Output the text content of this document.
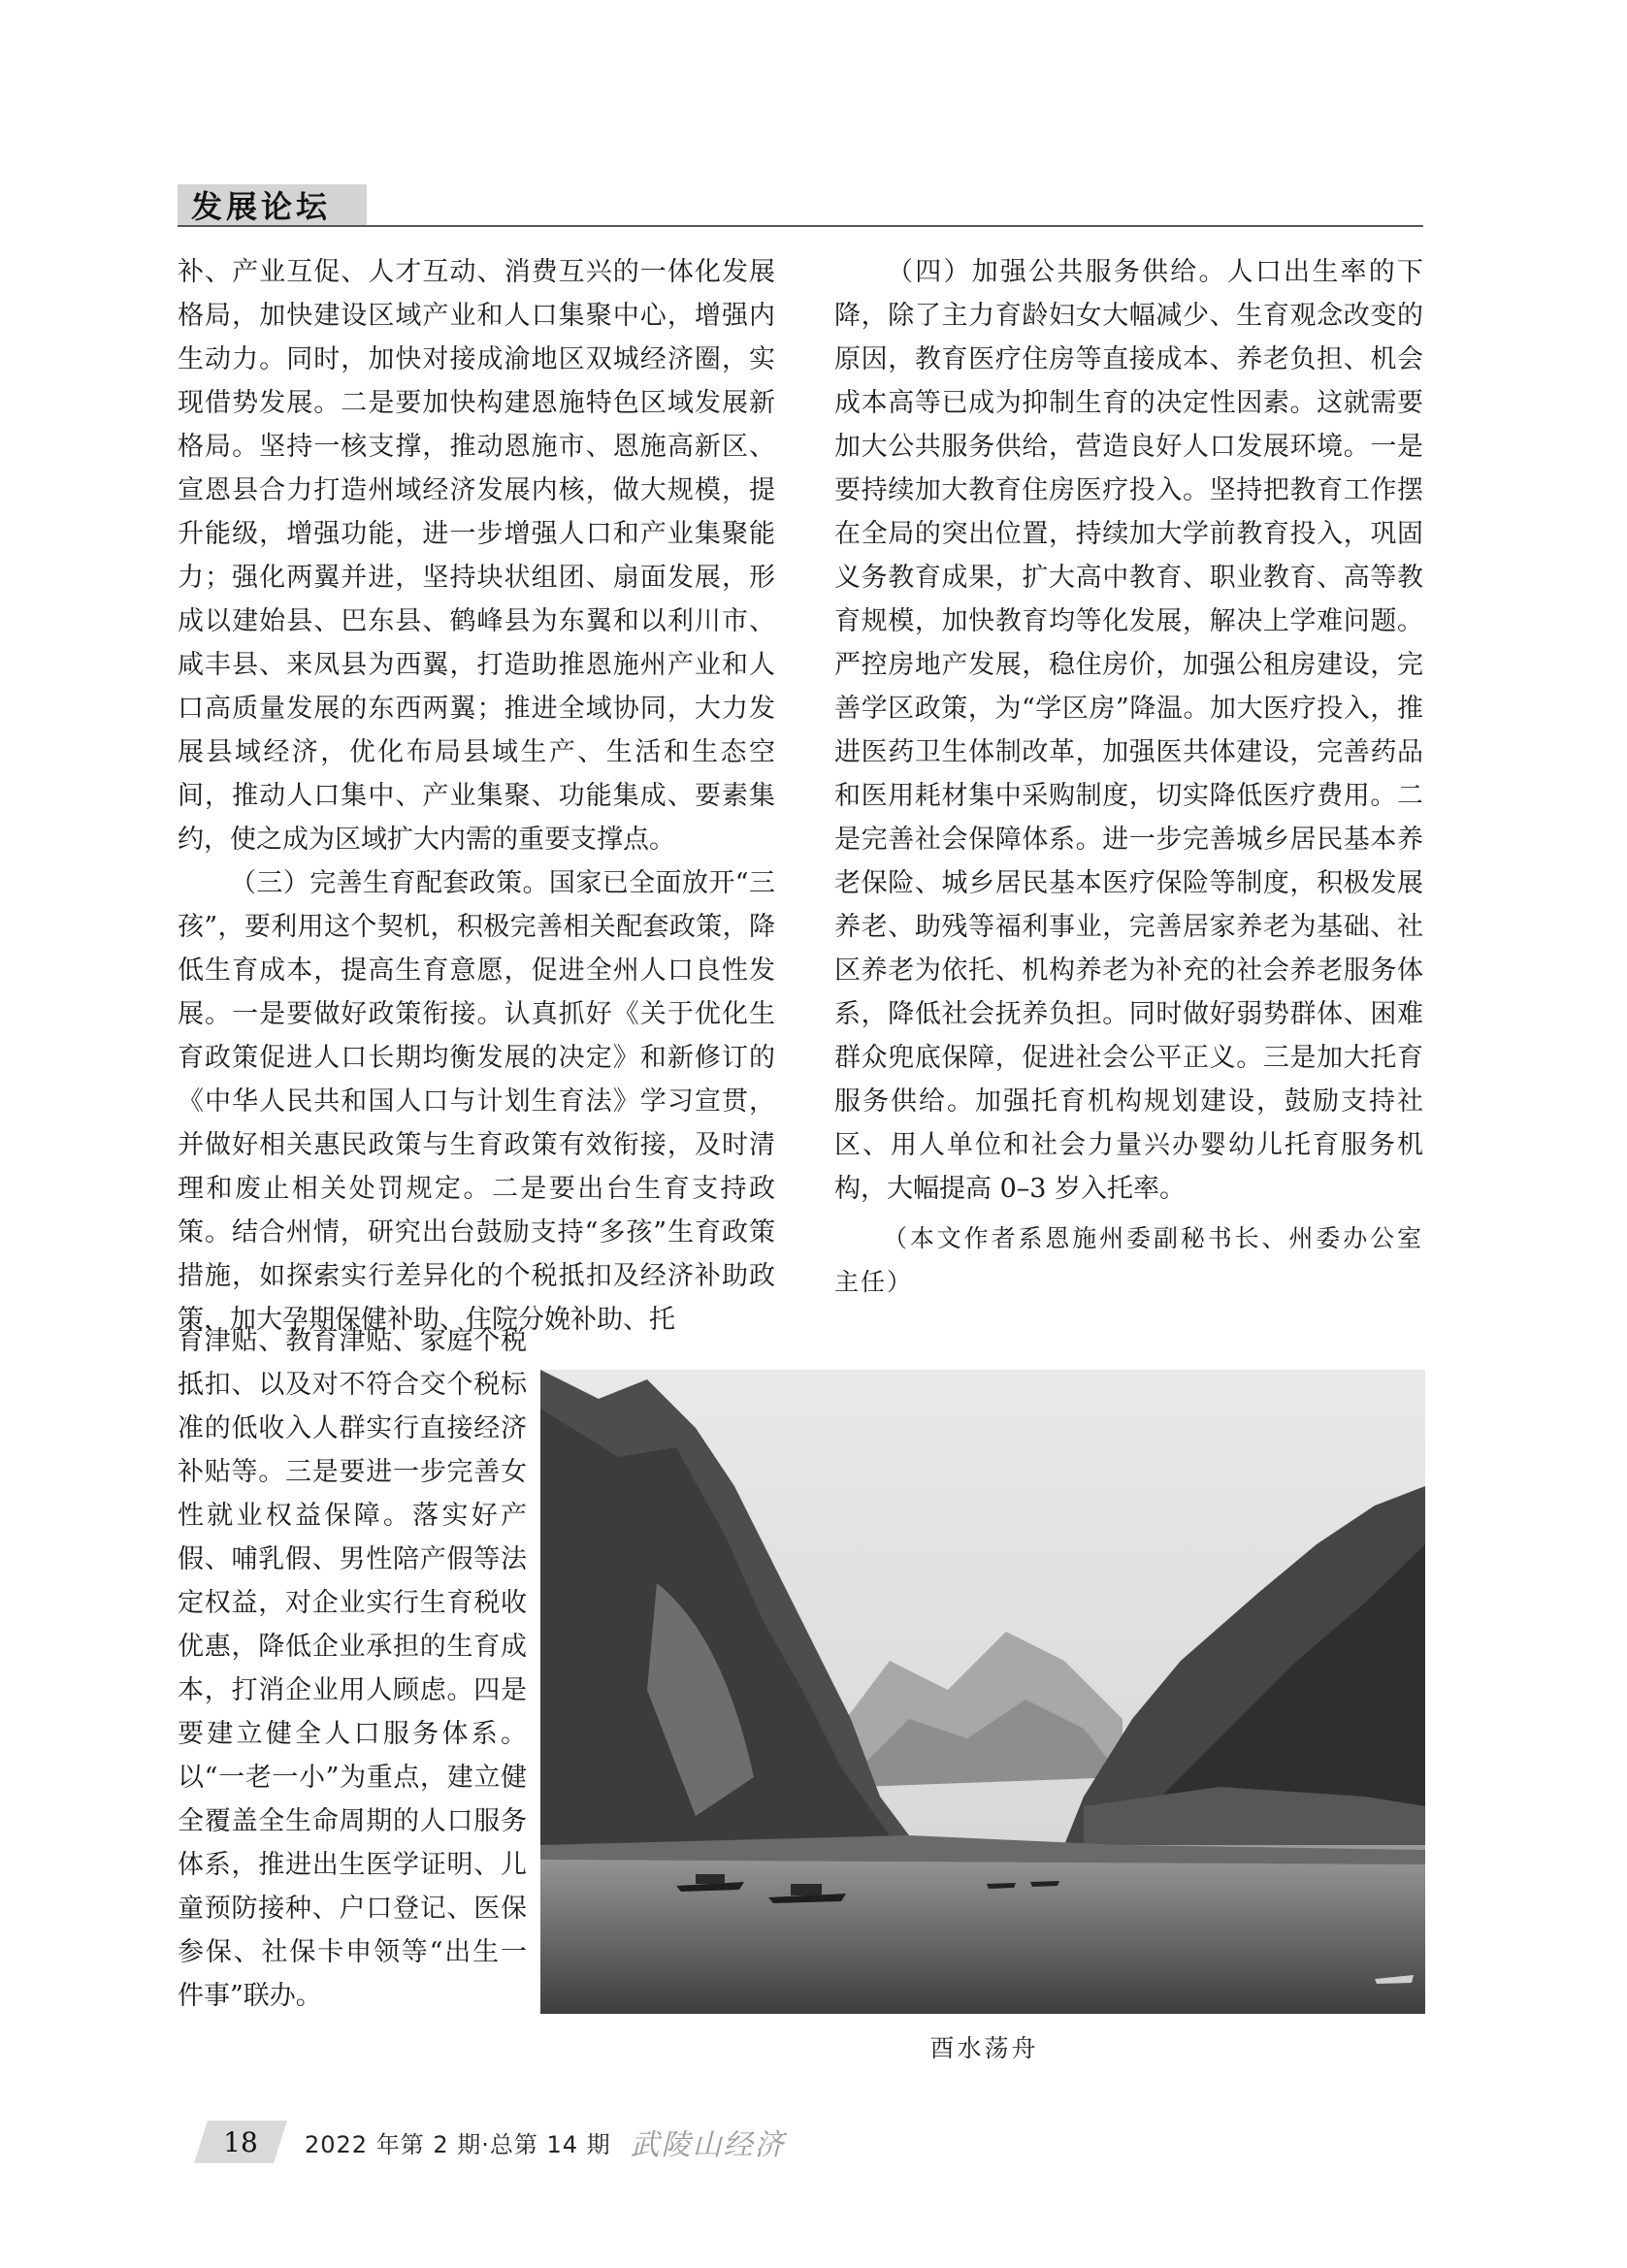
发展论坛

补、产业互促、人才互动、消费互兴的一体化发展格局，加快建设区域产业和人口集聚中心，增强内生动力。同时，加快对接成渝地区双城经济圈，实现借势发展。二是要加快构建恩施特色区域发展新格局。坚持一核支撑，推动恩施市、恩施高新区、宣恩县合力打造州域经济发展内核，做大规模，提升能级，增强功能，进一步增强人口和产业集聚能力；强化两翼并进，坚持块状组团、扇面发展，形成以建始县、巴东县、鹤峰县为东翼和以利川市、咸丰县、来凤县为西翼，打造助推恩施州产业和人口高质量发展的东西两翼；推进全域协同，大力发展县域经济，优化布局县域生产、生活和生态空间，推动人口集中、产业集聚、功能集成、要素集约，使之成为区域扩大内需的重要支撑点。

（三）完善生育配套政策。国家已全面放开“三孩”，要利用这个契机，积极完善相关配套政策，降低生育成本，提高生育意愿，促进全州人口良性发展。一是要做好政策衔接。认真抓好《关于优化生育政策促进人口长期均衡发展的决定》和新修订的《中华人民共和国人口与计划生育法》学习宣贯，并做好相关惠民政策与生育政策有效衔接，及时清理和废止相关处罚规定。二是要出台生育支持政策。结合州情，研究出台鼓励支持“多孩”生育政策措施，如探索实行差异化的个税抵扣及经济补助政策，加大孕期保健补助、住院分娩补助、托

育津贴、教育津贴、家庭个税抵扣、以及对不符合交个税标准的低收入人群实行直接经济补贴等。三是要进一步完善女性就业权益保障。落实好产假、哺乳假、男性陪产假等法定权益，对企业实行生育税收优惠，降低企业承担的生育成本，打消企业用人顾虑。四是要建立健全人口服务体系。以“一老一小”为重点，建立健全覆盖全生命周期的人口服务体系，推进出生医学证明、儿童预防接种、户口登记、医保参保、社保卡申领等“出生一件事”联办。

（四）加强公共服务供给。人口出生率的下降，除了主力育龄妇女大幅减少、生育观念改变的原因，教育医疗住房等直接成本、养老负担、机会成本高等已成为抑制生育的决定性因素。这就需要加大公共服务供给，营造良好人口发展环境。一是要持续加大教育住房医疗投入。坚持把教育工作摆在全局的突出位置，持续加大学前教育投入，巩固义务教育成果，扩大高中教育、职业教育、高等教育规模，加快教育均等化发展，解决上学难问题。严控房地产发展，稳住房价，加强公租房建设，完善学区政策，为“学区房”降温。加大医疗投入，推进医药卫生体制改革，加强医共体建设，完善药品和医用耗材集中采购制度，切实降低医疗费用。二是完善社会保障体系。进一步完善城乡居民基本养老保险、城乡居民基本医疗保险等制度，积极发展养老、助残等福利事业，完善居家养老为基础、社区养老为依托、机构养老为补充的社会养老服务体系，降低社会抚养负担。同时做好弱势群体、困难群众兜底保障，促进社会公平正义。三是加大托育服务供给。加强托育机构规划建设，鼓励支持社区、用人单位和社会力量兴办婴幼儿托育服务机构，大幅提高 0–3 岁入托率。

（本文作者系恩施州委副秘书长、州委办公室主任）

酉水荡舟
18	2022 年第 2 期·总第 14 期 武陵山经济
